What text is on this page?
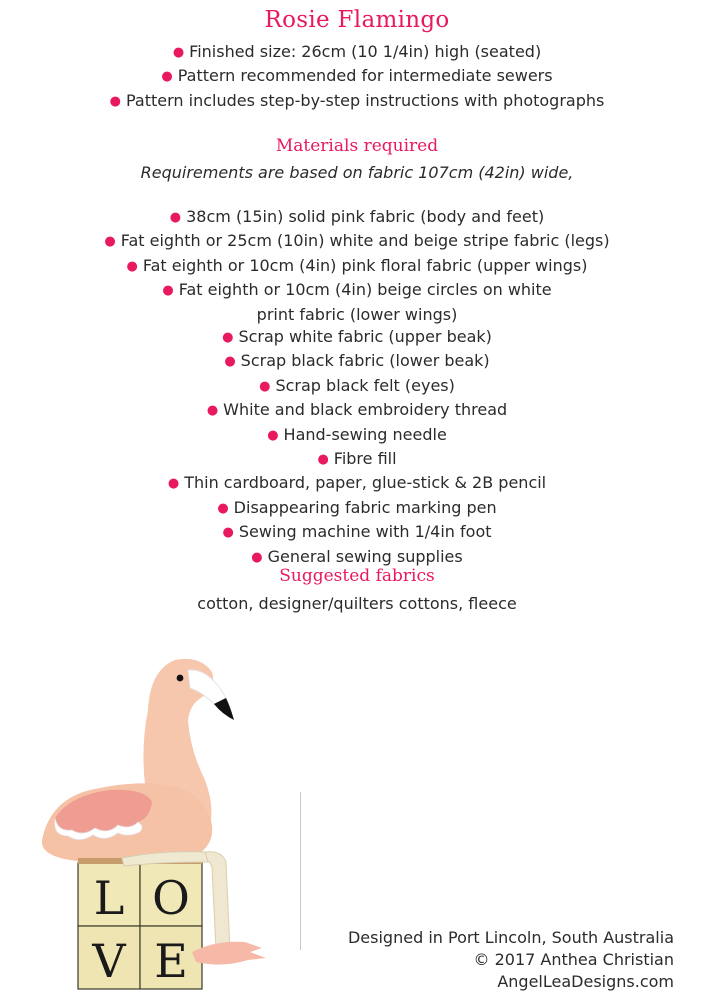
Rosie Flamingo
● Finished size: 26cm (10 1/4in) high (seated)
● Pattern recommended for intermediate sewers
● Pattern includes step-by-step instructions with photographs
Materials required
Requirements are based on fabric 107cm (42in) wide,
● 38cm (15in) solid pink fabric (body and feet)
● Fat eighth or 25cm (10in) white and beige stripe fabric (legs)
● Fat eighth or 10cm (4in) pink floral fabric (upper wings)
● Fat eighth or 10cm (4in) beige circles on white
print fabric (lower wings)
● Scrap white fabric (upper beak)
● Scrap black fabric (lower beak)
● Scrap black felt (eyes)
● White and black embroidery thread
● Hand-sewing needle
● Fibre fill
● Thin cardboard, paper, glue-stick & 2B pencil
● Disappearing fabric marking pen
● Sewing machine with 1/4in foot
● General sewing supplies
Suggested fabrics
cotton, designer/quilters cottons, fleece
L O
V E	Designed in Port Lincoln, South Australia
© 2017 Anthea Christian
AngelLeaDesigns.com
